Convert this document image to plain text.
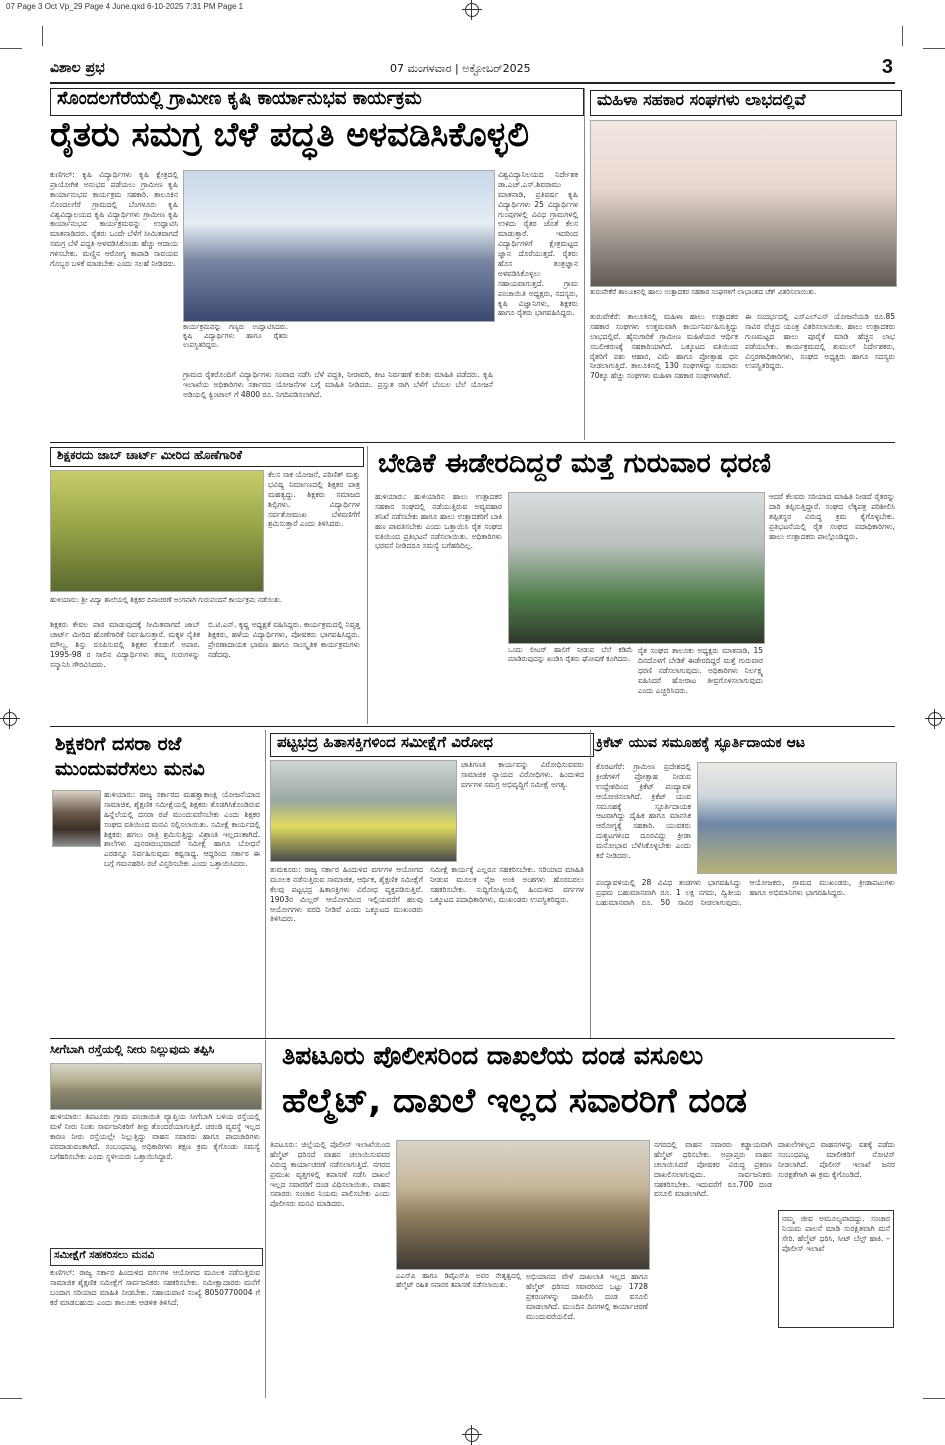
07 Page 3 Oct Vp_29 Page 4 June.qxd 6-10-2025 7:31 PM Page 1
ವಿಶಾಲ ಪ್ರಭ	07 ಮಂಗಳವಾರ | ಅಕ್ಟೋಬರ್2025	3
ಸೊಂದಲಗೆರೆಯಲ್ಲಿ ಗ್ರಾಮೀಣ ಕೃಷಿ ಕಾರ್ಯಾನುಭವ ಕಾರ್ಯಕ್ರಮ
ರೈತರು ಸಮಗ್ರ ಬೆಳೆ ಪದ್ಧತಿ ಅಳವಡಿಸಿಕೊಳ್ಳಲಿ
ಕುಣಿಗಲ್: ಕೃಷಿ ವಿದ್ಯಾರ್ಥಿಗಳು ಕೃಷಿ ಕ್ಷೇತ್ರದಲ್ಲಿ ಪ್ರಾಯೋಗಿಕ ಅನುಭವ ಪಡೆಯಲು ಗ್ರಾಮೀಣ ಕೃಷಿ ಕಾರ್ಯಾನುಭವ ಕಾರ್ಯಕ್ರಮ ಸಹಕಾರಿ. ತಾಲೂಕಿನ ಸೊಂದಲಗೆರೆ ಗ್ರಾಮದಲ್ಲಿ ಬೆಂಗಳೂರು ಕೃಷಿ ವಿಶ್ವವಿದ್ಯಾಲಯದ ಕೃಷಿ ವಿದ್ಯಾರ್ಥಿಗಳು ಗ್ರಾಮೀಣ ಕೃಷಿ ಕಾರ್ಯಾನುಭವ ಕಾರ್ಯಕ್ರಮವನ್ನು ಉದ್ಘಾಟಿಸಿ ಮಾತನಾಡಿದರು. ರೈತರು ಒಂದೇ ಬೆಳೆಗೆ ಸೀಮಿತವಾಗದೆ ಸಮಗ್ರ ಬೆಳೆ ಪದ್ಧತಿ ಅಳವಡಿಸಿಕೊಂಡು ಹೆಚ್ಚು ಆದಾಯ ಗಳಿಸಬೇಕು. ಮಣ್ಣಿನ ಆರೋಗ್ಯ ಕಾಪಾಡಿ ಸಾವಯವ ಗೊಬ್ಬರ ಬಳಕೆ ಮಾಡಬೇಕು ಎಂದು ಸಲಹೆ ನೀಡಿದರು.
ಕಾರ್ಯಕ್ರಮವನ್ನು ಗಣ್ಯರು ಉದ್ಘಾಟಿಸಿದರು. ಕೃಷಿ ವಿದ್ಯಾರ್ಥಿಗಳು ಹಾಗೂ ರೈತರು ಉಪಸ್ಥಿತರಿದ್ದರು.
ಗ್ರಾಮದ ರೈತರೊಂದಿಗೆ ವಿದ್ಯಾರ್ಥಿಗಳು ಸಂವಾದ ನಡೆಸಿ ಬೆಳೆ ಪದ್ಧತಿ, ನೀರಾವರಿ, ಕೀಟ ನಿರ್ವಹಣೆ ಕುರಿತು ಮಾಹಿತಿ ಪಡೆದರು. ಕೃಷಿ ಇಲಾಖೆಯ ಅಧಿಕಾರಿಗಳು ಸರ್ಕಾರದ ಯೋಜನೆಗಳ ಬಗ್ಗೆ ಮಾಹಿತಿ ನೀಡಿದರು. ಪ್ರಸ್ತುತ ರಾಗಿ ಬೆಳೆಗೆ ಬೆಂಬಲ ಬೆಲೆ ಯೋಜನೆ ಅಡಿಯಲ್ಲಿ ಕ್ವಿಂಟಾಲ್ ಗೆ 4800 ರೂ. ನಿಗದಿಪಡಿಸಲಾಗಿದೆ.
ವಿಶ್ವವಿದ್ಯಾನಿಲಯದ ನಿರ್ದೇಶಕ ಡಾ.ಎಚ್.ಎಸ್.ಶಿವರಾಮು ಮಾತನಾಡಿ, ಪ್ರತಿವರ್ಷ ಕೃಷಿ ವಿದ್ಯಾರ್ಥಿಗಳು 25 ವಿದ್ಯಾರ್ಥಿಗಳ ಗುಂಪುಗಳಲ್ಲಿ ವಿವಿಧ ಗ್ರಾಮಗಳಲ್ಲಿ ಉಳಿದು ರೈತರ ಜೊತೆ ಕೆಲಸ ಮಾಡುತ್ತಾರೆ. ಇದರಿಂದ ವಿದ್ಯಾರ್ಥಿಗಳಿಗೆ ಕ್ಷೇತ್ರಮಟ್ಟದ ಜ್ಞಾನ ದೊರೆಯುತ್ತದೆ. ರೈತರು ಹೊಸ ತಂತ್ರಜ್ಞಾನ ಅಳವಡಿಸಿಕೊಳ್ಳಲು ಸಹಾಯವಾಗುತ್ತದೆ. ಗ್ರಾಮ ಪಂಚಾಯಿತಿ ಅಧ್ಯಕ್ಷರು, ಸದಸ್ಯರು, ಕೃಷಿ ವಿಜ್ಞಾನಿಗಳು, ಶಿಕ್ಷಕರು ಹಾಗೂ ರೈತರು ಭಾಗವಹಿಸಿದ್ದರು.
ಮಹಿಳಾ ಸಹಕಾರ ಸಂಘಗಳು ಲಾಭದಲ್ಲಿವೆ
ತುರುವೇಕೆರೆ ತಾಲೂಕಿನಲ್ಲಿ ಹಾಲು ಉತ್ಪಾದಕರ ಸಹಕಾರ ಸಂಘಗಳಿಗೆ ಲಾಭಾಂಶದ ಚೆಕ್ ವಿತರಿಸಲಾಯಿತು.
ತುರುವೇಕೆರೆ: ತಾಲೂಕಿನಲ್ಲಿ ಮಹಿಳಾ ಹಾಲು ಉತ್ಪಾದಕರ ಸಹಕಾರ ಸಂಘಗಳು ಉತ್ತಮವಾಗಿ ಕಾರ್ಯನಿರ್ವಹಿಸುತ್ತಿದ್ದು ಲಾಭದಲ್ಲಿವೆ. ಹೈನುಗಾರಿಕೆ ಗ್ರಾಮೀಣ ಮಹಿಳೆಯರ ಆರ್ಥಿಕ ಸಬಲೀಕರಣಕ್ಕೆ ಸಹಕಾರಿಯಾಗಿದೆ. ಒಕ್ಕೂಟದ ವತಿಯಿಂದ ರೈತರಿಗೆ ಪಶು ಆಹಾರ, ವಿಮೆ ಹಾಗೂ ಪ್ರೋತ್ಸಾಹ ಧನ ನೀಡಲಾಗುತ್ತಿದೆ. ತಾಲೂಕಿನಲ್ಲಿ 130 ಸಂಘಗಳಿದ್ದು ಸುಮಾರು 70ಕ್ಕೂ ಹೆಚ್ಚು ಸಂಘಗಳು ಮಹಿಳಾ ಸಹಕಾರ ಸಂಘಗಳಾಗಿವೆ.
ಈ ಸಂದರ್ಭದಲ್ಲಿ ಎಸ್‌ಎಲ್‌ಎಸ್ ಯೋಜನೆಯಡಿ ರೂ.85 ಸಾವಿರ ವೆಚ್ಚದ ಯಂತ್ರ ವಿತರಿಸಲಾಯಿತು. ಹಾಲು ಉತ್ಪಾದಕರು ಗುಣಮಟ್ಟದ ಹಾಲು ಪೂರೈಕೆ ಮಾಡಿ ಹೆಚ್ಚಿನ ಲಾಭ ಪಡೆಯಬೇಕು. ಕಾರ್ಯಕ್ರಮದಲ್ಲಿ ತುಮುಲ್ ನಿರ್ದೇಶಕರು, ವಿಸ್ತರಣಾಧಿಕಾರಿಗಳು, ಸಂಘದ ಅಧ್ಯಕ್ಷರು ಹಾಗೂ ಸದಸ್ಯರು ಉಪಸ್ಥಿತರಿದ್ದರು.
ಶಿಕ್ಷಕರದು ಜಾಬ್ ಚಾರ್ಟ್ ಮೀರಿದ ಹೊಣೆಗಾರಿಕೆ
ಕೆಲಸ ಸಾಕ ಯೋಜನೆ, ಪರಿಣಿತ್ ಮತ್ತು ಭವಿಷ್ಯ ನಿರ್ಮಾಣದಲ್ಲಿ ಶಿಕ್ಷಕರ ಪಾತ್ರ ಮಹತ್ವದ್ದು. ಶಿಕ್ಷಕರು ಸಮಾಜದ ಶಿಲ್ಪಿಗಳು. ವಿದ್ಯಾರ್ಥಿಗಳ ಸರ್ವತೋಮುಖ ಬೆಳವಣಿಗೆಗೆ ಶ್ರಮಿಸುತ್ತಾರೆ ಎಂದು ತಿಳಿಸಿದರು.
ಹುಳಿಯಾರು: ಶ್ರೀ ವಿದ್ಯಾ ಶಾಲೆಯಲ್ಲಿ ಶಿಕ್ಷಕರ ದಿನಾಚರಣೆ ಅಂಗವಾಗಿ ಗುರುವಂದನೆ ಕಾರ್ಯಕ್ರಮ ನಡೆಯಿತು.
ಶಿಕ್ಷಕರು ಕೇವಲ ಪಾಠ ಮಾಡುವುದಕ್ಕೆ ಸೀಮಿತವಾಗದೆ ಜಾಬ್ ಚಾರ್ಟ್ ಮೀರಿದ ಹೊಣೆಗಾರಿಕೆ ನಿರ್ವಹಿಸುತ್ತಾರೆ. ಮಕ್ಕಳ ನೈತಿಕ ಮೌಲ್ಯ, ಶಿಸ್ತು ರೂಪಿಸುವಲ್ಲಿ ಶಿಕ್ಷಕರ ಕೊಡುಗೆ ಅಪಾರ. 1995-98 ರ ಸಾಲಿನ ವಿದ್ಯಾರ್ಥಿಗಳು ತಮ್ಮ ಗುರುಗಳನ್ನು ಸನ್ಮಾನಿಸಿ ಗೌರವಿಸಿದರು.
ಬಿ.ಟಿ.ಎನ್. ಕೃಷ್ಣ ಅಧ್ಯಕ್ಷತೆ ವಹಿಸಿದ್ದರು. ಕಾರ್ಯಕ್ರಮದಲ್ಲಿ ನಿವೃತ್ತ ಶಿಕ್ಷಕರು, ಹಳೆಯ ವಿದ್ಯಾರ್ಥಿಗಳು, ಪೋಷಕರು ಭಾಗವಹಿಸಿದ್ದರು. ಪ್ರೇರಣಾದಾಯಕ ಭಾಷಣ ಹಾಗೂ ಸಾಂಸ್ಕೃತಿಕ ಕಾರ್ಯಕ್ರಮಗಳು ನಡೆದವು.
ಬೇಡಿಕೆ ಈಡೇರದಿದ್ದರೆ ಮತ್ತೆ ಗುರುವಾರ ಧರಣಿ
ಹುಳಿಯಾರು: ಹುಳಿಯಾರಿನ ಹಾಲು ಉತ್ಪಾದಕರ ಸಹಕಾರ ಸಂಘದಲ್ಲಿ ನಡೆಯುತ್ತಿರುವ ಅವ್ಯವಹಾರ ತನಿಖೆ ನಡೆಸಬೇಕು ಹಾಗೂ ಹಾಲು ಉತ್ಪಾದಕರಿಗೆ ಬಾಕಿ ಹಣ ಪಾವತಿಸಬೇಕು ಎಂದು ಒತ್ತಾಯಿಸಿ ರೈತ ಸಂಘದ ವತಿಯಿಂದ ಪ್ರತಿಭಟನೆ ನಡೆಸಲಾಯಿತು. ಅಧಿಕಾರಿಗಳು ಭರವಸೆ ನೀಡಿದರೂ ಸಮಸ್ಯೆ ಬಗೆಹರಿದಿಲ್ಲ.
ಒಂದು ಲೀಟರ್ ಹಾಲಿಗೆ ನೀಡುವ ಬೆಲೆ ಕಡಿಮೆ ಮಾಡಿರುವುದನ್ನು ಖಂಡಿಸಿ ರೈತರು ಘೋಷಣೆ ಕೂಗಿದರು.
ರೈತ ಸಂಘದ ತಾಲೂಕು ಅಧ್ಯಕ್ಷರು ಮಾತನಾಡಿ, 15 ದಿನದೊಳಗೆ ಬೇಡಿಕೆ ಈಡೇರದಿದ್ದರೆ ಮತ್ತೆ ಗುರುವಾರ ಧರಣಿ ನಡೆಸಲಾಗುವುದು. ಅಧಿಕಾರಿಗಳು ನಿರ್ಲಕ್ಷ್ಯ ವಹಿಸಿದರೆ ಹೋರಾಟ ತೀವ್ರಗೊಳಿಸಲಾಗುವುದು ಎಂದು ಎಚ್ಚರಿಸಿದರು.
ಆದರೆ ಕೆಲವರು ಸರಿಯಾದ ಮಾಹಿತಿ ನೀಡದೆ ರೈತರನ್ನು ದಾರಿ ತಪ್ಪಿಸುತ್ತಿದ್ದಾರೆ. ಸಂಘದ ಲೆಕ್ಕಪತ್ರ ಪರಿಶೀಲಿಸಿ ತಪ್ಪಿತಸ್ಥರ ವಿರುದ್ಧ ಕ್ರಮ ಕೈಗೊಳ್ಳಬೇಕು. ಪ್ರತಿಭಟನೆಯಲ್ಲಿ ರೈತ ಸಂಘದ ಪದಾಧಿಕಾರಿಗಳು, ಹಾಲು ಉತ್ಪಾದಕರು ಪಾಲ್ಗೊಂಡಿದ್ದರು.
ಶಿಕ್ಷಕರಿಗೆ ದಸರಾ ರಜೆ ಮುಂದುವರೆಸಲು ಮನವಿ
ಹುಳಿಯಾರು: ರಾಜ್ಯ ಸರ್ಕಾರದ ಮಹತ್ವಾಕಾಂಕ್ಷಿ ಯೋಜನೆಯಾದ ಸಾಮಾಜಿಕ, ಶೈಕ್ಷಣಿಕ ಸಮೀಕ್ಷೆಯಲ್ಲಿ ಶಿಕ್ಷಕರು ತೊಡಗಿಸಿಕೊಂಡಿರುವ ಹಿನ್ನೆಲೆಯಲ್ಲಿ ದಸರಾ ರಜೆ ಮುಂದುವರೆಸಬೇಕು ಎಂದು ಶಿಕ್ಷಕರ ಸಂಘದ ವತಿಯಿಂದ ಮನವಿ ಸಲ್ಲಿಸಲಾಯಿತು. ಸಮೀಕ್ಷೆ ಕಾರ್ಯದಲ್ಲಿ ಶಿಕ್ಷಕರು ಹಗಲು ರಾತ್ರಿ ಶ್ರಮಿಸುತ್ತಿದ್ದು ವಿಶ್ರಾಂತಿ ಇಲ್ಲದಂತಾಗಿದೆ. ಶಾಲೆಗಳು ಪುನರಾರಂಭವಾದರೆ ಸಮೀಕ್ಷೆ ಹಾಗೂ ಬೋಧನೆ ಎರಡನ್ನೂ ನಿರ್ವಹಿಸುವುದು ಕಷ್ಟಸಾಧ್ಯ. ಆದ್ದರಿಂದ ಸರ್ಕಾರ ಈ ಬಗ್ಗೆ ಗಮನಹರಿಸಿ ರಜೆ ವಿಸ್ತರಿಸಬೇಕು ಎಂದು ಒತ್ತಾಯಿಸಿದರು.
ಪಟ್ಟಭದ್ರ ಹಿತಾಸಕ್ತಿಗಳಿಂದ ಸಮೀಕ್ಷೆಗೆ ವಿರೋಧ
ಜಾತಿಗಣತಿ ಕಾರ್ಯವನ್ನು ವಿರೋಧಿಸುವವರು ಸಾಮಾಜಿಕ ನ್ಯಾಯದ ವಿರೋಧಿಗಳು. ಹಿಂದುಳಿದ ವರ್ಗಗಳ ಸಮಗ್ರ ಅಭಿವೃದ್ಧಿಗೆ ಸಮೀಕ್ಷೆ ಅಗತ್ಯ.
ತುಮಕೂರು: ರಾಜ್ಯ ಸರ್ಕಾರ ಹಿಂದುಳಿದ ವರ್ಗಗಳ ಆಯೋಗದ ಮೂಲಕ ನಡೆಸುತ್ತಿರುವ ಸಾಮಾಜಿಕ, ಆರ್ಥಿಕ, ಶೈಕ್ಷಣಿಕ ಸಮೀಕ್ಷೆಗೆ ಕೆಲವು ಪಟ್ಟಭದ್ರ ಹಿತಾಸಕ್ತಿಗಳು ವಿರೋಧ ವ್ಯಕ್ತಪಡಿಸುತ್ತಿವೆ. 1903ರ ಮಿಲ್ಲರ್ ಆಯೋಗದಿಂದ ಇಲ್ಲಿಯವರೆಗೆ ಹಲವು ಆಯೋಗಗಳು ವರದಿ ನೀಡಿವೆ ಎಂದು ಒಕ್ಕೂಟದ ಮುಖಂಡರು ತಿಳಿಸಿದರು.
ಸಮೀಕ್ಷೆ ಕಾರ್ಯಕ್ಕೆ ಎಲ್ಲರೂ ಸಹಕರಿಸಬೇಕು. ಸರಿಯಾದ ಮಾಹಿತಿ ನೀಡುವ ಮೂಲಕ ನೈಜ ಅಂಕಿ ಅಂಶಗಳು ಹೊರಬರಲು ಸಹಕರಿಸಬೇಕು. ಸುದ್ದಿಗೋಷ್ಠಿಯಲ್ಲಿ ಹಿಂದುಳಿದ ವರ್ಗಗಳ ಒಕ್ಕೂಟದ ಪದಾಧಿಕಾರಿಗಳು, ಮುಖಂಡರು ಉಪಸ್ಥಿತರಿದ್ದರು.
ಕ್ರಿಕೆಟ್ ಯುವ ಸಮೂಹಕ್ಕೆ ಸ್ಫೂರ್ತಿದಾಯಕ ಆಟ
ಕೊರಟಗೆರೆ: ಗ್ರಾಮೀಣ ಪ್ರದೇಶದಲ್ಲಿ ಕ್ರೀಡೆಗಳಿಗೆ ಪ್ರೋತ್ಸಾಹ ನೀಡುವ ಉದ್ದೇಶದಿಂದ ಕ್ರಿಕೆಟ್ ಪಂದ್ಯಾವಳಿ ಆಯೋಜಿಸಲಾಗಿದೆ. ಕ್ರಿಕೆಟ್ ಯುವ ಸಮೂಹಕ್ಕೆ ಸ್ಫೂರ್ತಿದಾಯಕ ಆಟವಾಗಿದ್ದು ದೈಹಿಕ ಹಾಗೂ ಮಾನಸಿಕ ಆರೋಗ್ಯಕ್ಕೆ ಸಹಕಾರಿ. ಯುವಕರು ದುಶ್ಚಟಗಳಿಂದ ದೂರವಿದ್ದು ಕ್ರೀಡಾ ಮನೋಭಾವ ಬೆಳೆಸಿಕೊಳ್ಳಬೇಕು ಎಂದು ಕರೆ ನೀಡಿದರು.
ಪಂದ್ಯಾವಳಿಯಲ್ಲಿ 28 ವಿವಿಧ ತಂಡಗಳು ಭಾಗವಹಿಸಿದ್ದು ಪ್ರಥಮ ಬಹುಮಾನವಾಗಿ ರೂ. 1 ಲಕ್ಷ ನಗದು, ದ್ವಿತೀಯ ಬಹುಮಾನವಾಗಿ ರೂ. 50 ಸಾವಿರ ನೀಡಲಾಗುವುದು. ಆಯೋಜಕರು, ಗ್ರಾಮದ ಮುಖಂಡರು, ಕ್ರೀಡಾಪಟುಗಳು ಹಾಗೂ ಅಭಿಮಾನಿಗಳು ಭಾಗವಹಿಸಿದ್ದರು.
ಸೀಗೆಬಾಗಿ ರಸ್ತೆಯಲ್ಲಿ ನೀರು ನಿಲ್ಲುವುದು ತಪ್ಪಿಸಿ
ಹುಳಿಯಾರು: ತಿಪಟೂರು ಗ್ರಾಮ ಪಂಚಾಯಿತಿ ವ್ಯಾಪ್ತಿಯ ಸೀಗೆಬಾಗಿ ಬಳಿಯ ರಸ್ತೆಯಲ್ಲಿ ಮಳೆ ನೀರು ನಿಂತು ಸಾರ್ವಜನಿಕರಿಗೆ ತೀವ್ರ ತೊಂದರೆಯಾಗುತ್ತಿದೆ. ಚರಂಡಿ ವ್ಯವಸ್ಥೆ ಇಲ್ಲದ ಕಾರಣ ನೀರು ರಸ್ತೆಯಲ್ಲೇ ನಿಲ್ಲುತ್ತಿದ್ದು ವಾಹನ ಸವಾರರು ಹಾಗೂ ಪಾದಚಾರಿಗಳು ಪರದಾಡುವಂತಾಗಿದೆ. ಸಂಬಂಧಪಟ್ಟ ಅಧಿಕಾರಿಗಳು ತಕ್ಷಣ ಕ್ರಮ ಕೈಗೊಂಡು ಸಮಸ್ಯೆ ಬಗೆಹರಿಸಬೇಕು ಎಂದು ಸ್ಥಳೀಯರು ಒತ್ತಾಯಿಸಿದ್ದಾರೆ.
ಸಮೀಕ್ಷೆಗೆ ಸಹಕರಿಸಲು ಮನವಿ
ಕುಣಿಗಲ್: ರಾಜ್ಯ ಸರ್ಕಾರ ಹಿಂದುಳಿದ ವರ್ಗಗಳ ಆಯೋಗದ ಮೂಲಕ ನಡೆಸುತ್ತಿರುವ ಸಾಮಾಜಿಕ ಶೈಕ್ಷಣಿಕ ಸಮೀಕ್ಷೆಗೆ ಸಾರ್ವಜನಿಕರು ಸಹಕರಿಸಬೇಕು. ಸಮೀಕ್ಷಾದಾರರು ಮನೆಗೆ ಬಂದಾಗ ಸರಿಯಾದ ಮಾಹಿತಿ ನೀಡಬೇಕು. ಸಹಾಯವಾಣಿ ಸಂಖ್ಯೆ 8050770004 ಗೆ ಕರೆ ಮಾಡಬಹುದು ಎಂದು ತಾಲೂಕು ಆಡಳಿತ ತಿಳಿಸಿದೆ.
ತಿಪಟೂರು ಪೊಲೀಸರಿಂದ ದಾಖಲೆಯ ದಂಡ ವಸೂಲು
ಹೆಲ್ಮೆಟ್, ದಾಖಲೆ ಇಲ್ಲದ ಸವಾರರಿಗೆ ದಂಡ
ತಿಪಟೂರು: ಜಿಲ್ಲೆಯಲ್ಲಿ ಪೊಲೀಸ್ ಇಲಾಖೆಯಿಂದ ಹೆಲ್ಮೆಟ್ ಧರಿಸದೆ ವಾಹನ ಚಲಾಯಿಸುವವರ ವಿರುದ್ಧ ಕಾರ್ಯಾಚರಣೆ ನಡೆಸಲಾಗುತ್ತಿದೆ. ನಗರದ ಪ್ರಮುಖ ವೃತ್ತಗಳಲ್ಲಿ ತಪಾಸಣೆ ನಡೆಸಿ ದಾಖಲೆ ಇಲ್ಲದ ಸವಾರರಿಗೆ ದಂಡ ವಿಧಿಸಲಾಯಿತು. ವಾಹನ ಸವಾರರು ಸಂಚಾರ ನಿಯಮ ಪಾಲಿಸಬೇಕು ಎಂದು ಪೊಲೀಸರು ಮನವಿ ಮಾಡಿದರು.
ಎಎಸ್‌ಪಿ ಹಾಗೂ ಡಿವೈಎಸ್‌ಪಿ ಅವರ ನೇತೃತ್ವದಲ್ಲಿ ಹೆಲ್ಮೆಟ್ ರಹಿತ ಸವಾರರ ತಪಾಸಣೆ ನಡೆಸಲಾಯಿತು.
ಅಭಿಯಾನದ ವೇಳೆ ದಾಖಲಾತಿ ಇಲ್ಲದ ಹಾಗೂ ಹೆಲ್ಮೆಟ್ ಧರಿಸದ ಸವಾರರಿಂದ ಒಟ್ಟು 1728 ಪ್ರಕರಣಗಳನ್ನು ದಾಖಲಿಸಿ ದಂಡ ವಸೂಲಿ ಮಾಡಲಾಗಿದೆ. ಮುಂದಿನ ದಿನಗಳಲ್ಲಿ ಕಾರ್ಯಾಚರಣೆ ಮುಂದುವರೆಯಲಿದೆ.
ನಗರದಲ್ಲಿ ವಾಹನ ಸವಾರರು ಕಡ್ಡಾಯವಾಗಿ ಹೆಲ್ಮೆಟ್ ಧರಿಸಬೇಕು. ಅಪ್ರಾಪ್ತರು ವಾಹನ ಚಲಾಯಿಸಿದರೆ ಪೋಷಕರ ವಿರುದ್ಧ ಪ್ರಕರಣ ದಾಖಲಿಸಲಾಗುವುದು. ಸಾರ್ವಜನಿಕರು ಸಹಕರಿಸಬೇಕು. ಇದುವರೆಗೆ ರೂ.700 ದಂಡ ವಸೂಲಿ ಮಾಡಲಾಗಿದೆ.
ದಾಖಲೆಗಳಿಲ್ಲದ ವಾಹನಗಳನ್ನು ವಶಕ್ಕೆ ಪಡೆದು ಸಂಬಂಧಪಟ್ಟ ಮಾಲೀಕರಿಗೆ ನೋಟಿಸ್ ನೀಡಲಾಗಿದೆ. ಪೊಲೀಸ್ ಇಲಾಖೆ ಜನರ ಸುರಕ್ಷತೆಗಾಗಿ ಈ ಕ್ರಮ ಕೈಗೊಂಡಿದೆ.
ನಮ್ಮ ಜೀವ ಅಮೂಲ್ಯವಾದದ್ದು. ಸಂಚಾರ ನಿಯಮ ಪಾಲನೆ ಮಾಡಿ ಸುರಕ್ಷಿತವಾಗಿ ಮನೆ ಸೇರಿ. ಹೆಲ್ಮೆಟ್ ಧರಿಸಿ, ಸೀಟ್ ಬೆಲ್ಟ್ ಹಾಕಿ. – ಪೊಲೀಸ್ ಇಲಾಖೆ
